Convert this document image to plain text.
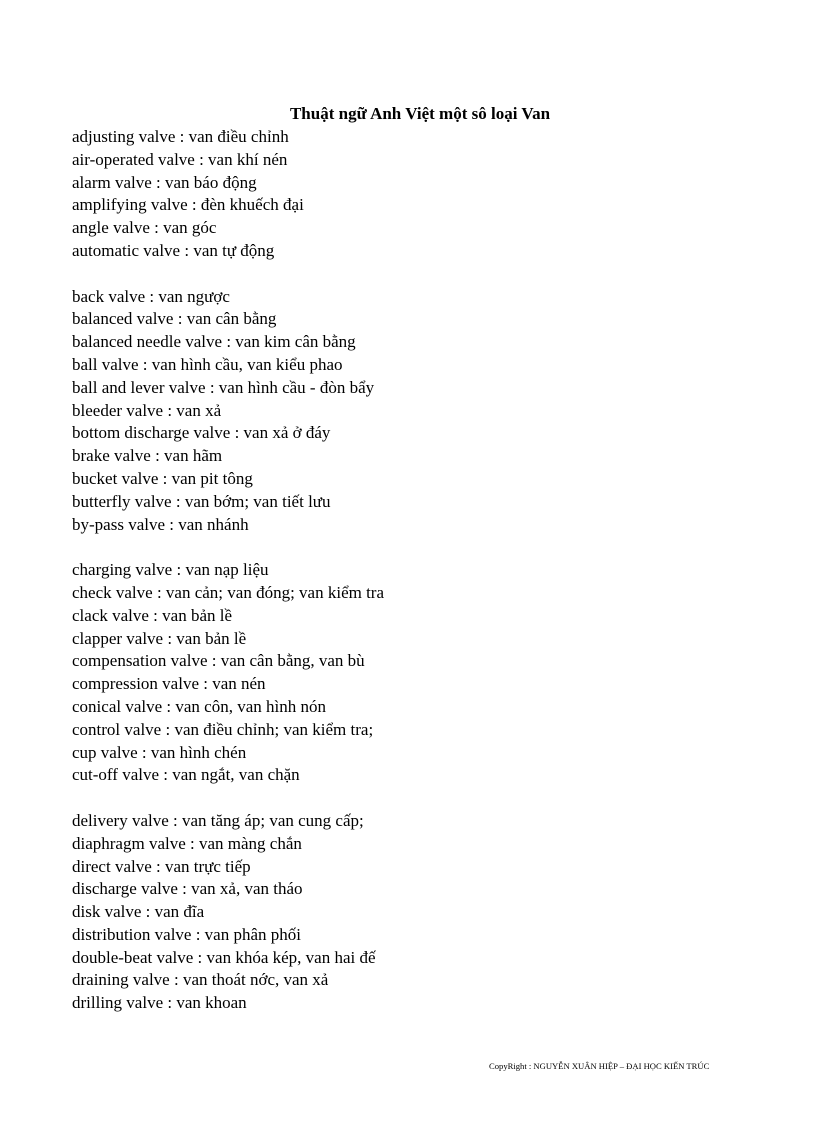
Thuật ngữ Anh Việt một sô loại Van
adjusting valve : van điều chỉnh
air-operated valve : van khí nén
alarm valve : van báo động
amplifying valve : đèn khuếch đại
angle valve : van góc
automatic valve : van tự động
back valve : van ngược
balanced valve : van cân bằng
balanced needle valve : van kim cân bằng
ball valve : van hình cầu, van kiểu phao
ball and lever valve : van hình cầu - đòn bẩy
bleeder valve : van xả
bottom discharge valve : van xả ở đáy
brake valve : van hãm
bucket valve : van pit tông
butterfly valve : van bớm; van tiết lưu
by-pass valve : van nhánh
charging valve : van nạp liệu
check valve : van cản; van đóng; van kiểm tra
clack valve : van bản lề
clapper valve : van bản lề
compensation valve : van cân bằng, van bù
compression valve : van nén
conical valve : van côn, van hình nón
control valve : van điều chỉnh; van kiểm tra;
cup valve : van hình chén
cut-off valve : van ngắt, van chặn
delivery valve : van tăng áp; van cung cấp;
diaphragm valve : van màng chắn
direct valve : van trực tiếp
discharge valve : van xả, van tháo
disk valve : van đĩa
distribution valve : van phân phối
double-beat valve : van khóa kép, van hai đế
draining valve : van thoát nớc, van xả
drilling valve : van khoan
CopyRight : NGUYỄN XUÂN HIỆP – ĐẠI HỌC KIẾN TRÚC
